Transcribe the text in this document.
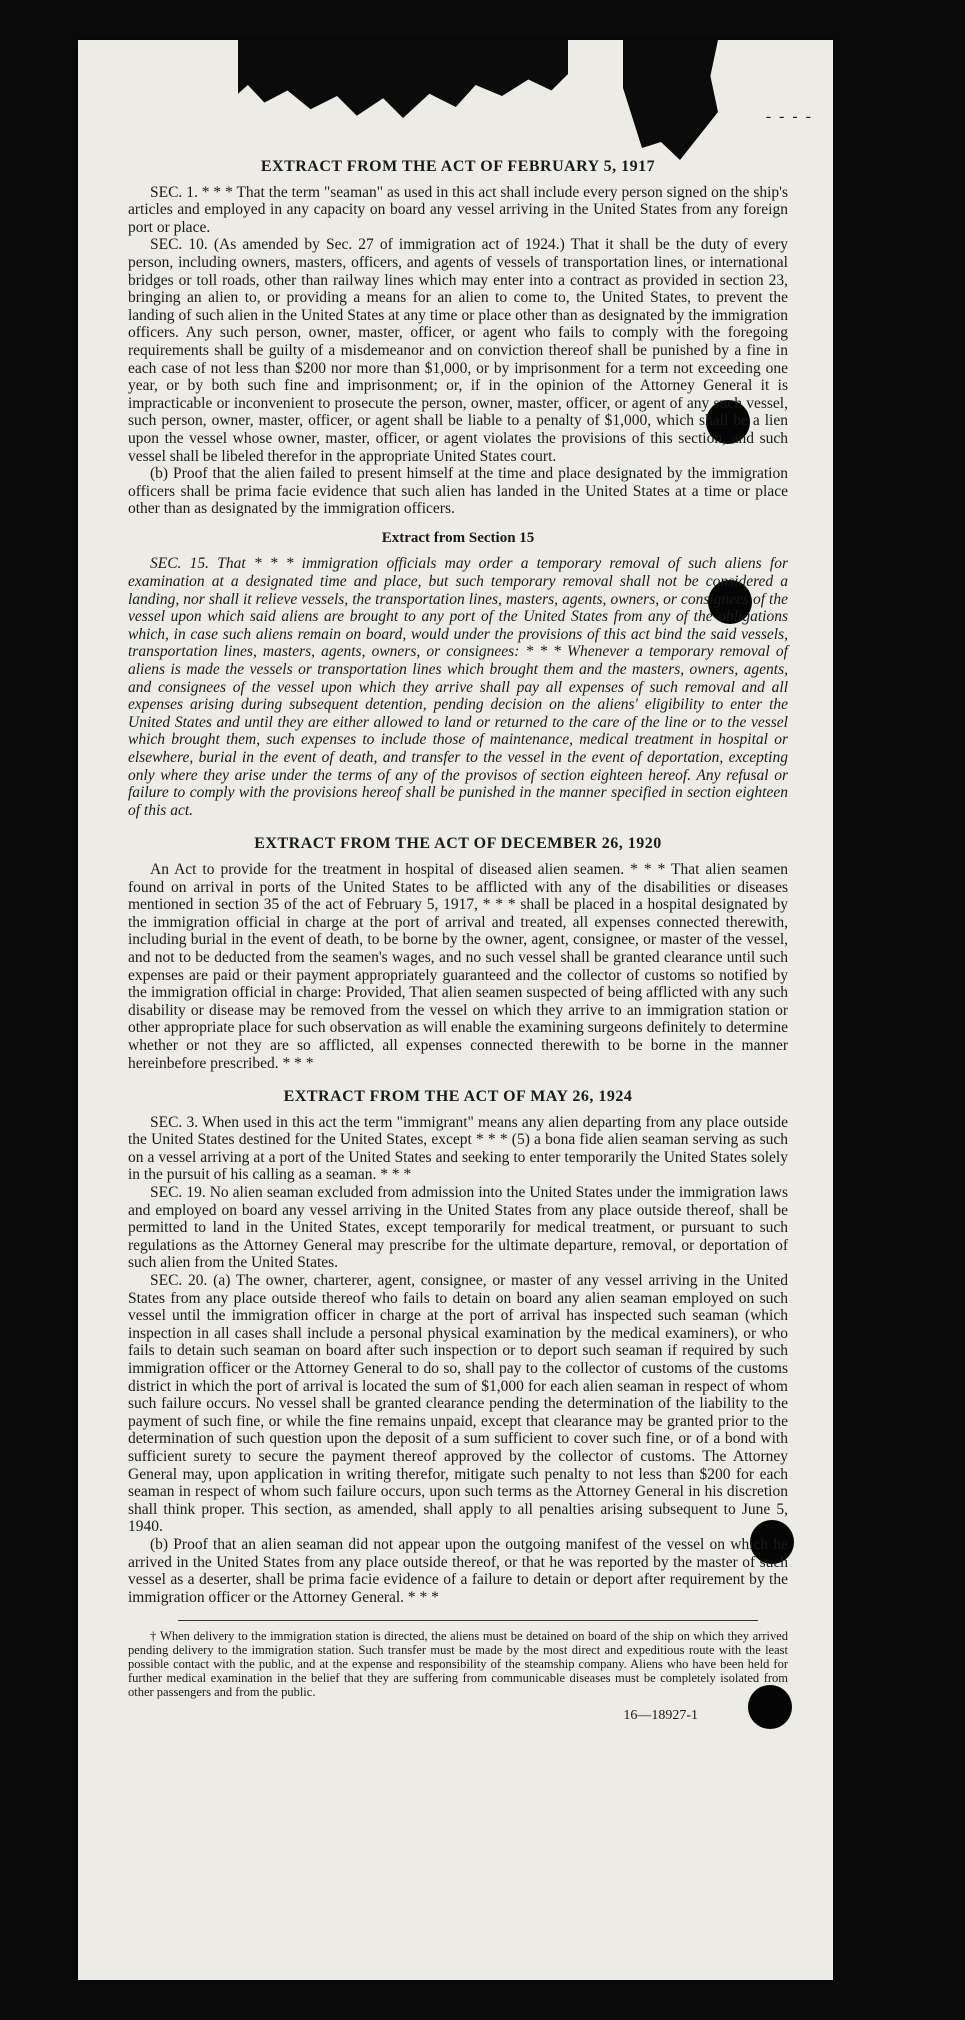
- - - -
EXTRACT FROM THE ACT OF FEBRUARY 5, 1917

SEC. 1. * * * That the term "seaman" as used in this act shall include every person signed on the ship's articles and employed in any capacity on board any vessel arriving in the United States from any foreign port or place.

SEC. 10. (As amended by Sec. 27 of immigration act of 1924.) That it shall be the duty of every person, including owners, masters, officers, and agents of vessels of transportation lines, or international bridges or toll roads, other than railway lines which may enter into a contract as provided in section 23, bringing an alien to, or providing a means for an alien to come to, the United States, to prevent the landing of such alien in the United States at any time or place other than as designated by the immigration officers. Any such person, owner, master, officer, or agent who fails to comply with the foregoing requirements shall be guilty of a misdemeanor and on conviction thereof shall be punished by a fine in each case of not less than $200 nor more than $1,000, or by imprisonment for a term not exceeding one year, or by both such fine and imprisonment; or, if in the opinion of the Attorney General it is impracticable or inconvenient to prosecute the person, owner, master, officer, or agent of any such vessel, such person, owner, master, officer, or agent shall be liable to a penalty of $1,000, which shall be a lien upon the vessel whose owner, master, officer, or agent violates the provisions of this section, and such vessel shall be libeled therefor in the appropriate United States court.

(b) Proof that the alien failed to present himself at the time and place designated by the immigration officers shall be prima facie evidence that such alien has landed in the United States at a time or place other than as designated by the immigration officers.

Extract from Section 15

SEC. 15. That * * * immigration officials may order a temporary removal of such aliens for examination at a designated time and place, but such temporary removal shall not be considered a landing, nor shall it relieve vessels, the transportation lines, masters, agents, owners, or consignees of the vessel upon which said aliens are brought to any port of the United States from any of the obligations which, in case such aliens remain on board, would under the provisions of this act bind the said vessels, transportation lines, masters, agents, owners, or consignees: * * * Whenever a temporary removal of aliens is made the vessels or transportation lines which brought them and the masters, owners, agents, and consignees of the vessel upon which they arrive shall pay all expenses of such removal and all expenses arising during subsequent detention, pending decision on the aliens' eligibility to enter the United States and until they are either allowed to land or returned to the care of the line or to the vessel which brought them, such expenses to include those of maintenance, medical treatment in hospital or elsewhere, burial in the event of death, and transfer to the vessel in the event of deportation, excepting only where they arise under the terms of any of the provisos of section eighteen hereof. Any refusal or failure to comply with the provisions hereof shall be punished in the manner specified in section eighteen of this act.

EXTRACT FROM THE ACT OF DECEMBER 26, 1920

An Act to provide for the treatment in hospital of diseased alien seamen. * * * That alien seamen found on arrival in ports of the United States to be afflicted with any of the disabilities or diseases mentioned in section 35 of the act of February 5, 1917, * * * shall be placed in a hospital designated by the immigration official in charge at the port of arrival and treated, all expenses connected therewith, including burial in the event of death, to be borne by the owner, agent, consignee, or master of the vessel, and not to be deducted from the seamen's wages, and no such vessel shall be granted clearance until such expenses are paid or their payment appropriately guaranteed and the collector of customs so notified by the immigration official in charge: Provided, That alien seamen suspected of being afflicted with any such disability or disease may be removed from the vessel on which they arrive to an immigration station or other appropriate place for such observation as will enable the examining surgeons definitely to determine whether or not they are so afflicted, all expenses connected therewith to be borne in the manner hereinbefore prescribed. * * *

EXTRACT FROM THE ACT OF MAY 26, 1924

SEC. 3. When used in this act the term "immigrant" means any alien departing from any place outside the United States destined for the United States, except * * * (5) a bona fide alien seaman serving as such on a vessel arriving at a port of the United States and seeking to enter temporarily the United States solely in the pursuit of his calling as a seaman. * * *

SEC. 19. No alien seaman excluded from admission into the United States under the immigration laws and employed on board any vessel arriving in the United States from any place outside thereof, shall be permitted to land in the United States, except temporarily for medical treatment, or pursuant to such regulations as the Attorney General may prescribe for the ultimate departure, removal, or deportation of such alien from the United States.

SEC. 20. (a) The owner, charterer, agent, consignee, or master of any vessel arriving in the United States from any place outside thereof who fails to detain on board any alien seaman employed on such vessel until the immigration officer in charge at the port of arrival has inspected such seaman (which inspection in all cases shall include a personal physical examination by the medical examiners), or who fails to detain such seaman on board after such inspection or to deport such seaman if required by such immigration officer or the Attorney General to do so, shall pay to the collector of customs of the customs district in which the port of arrival is located the sum of $1,000 for each alien seaman in respect of whom such failure occurs. No vessel shall be granted clearance pending the determination of the liability to the payment of such fine, or while the fine remains unpaid, except that clearance may be granted prior to the determination of such question upon the deposit of a sum sufficient to cover such fine, or of a bond with sufficient surety to secure the payment thereof approved by the collector of customs. The Attorney General may, upon application in writing therefor, mitigate such penalty to not less than $200 for each seaman in respect of whom such failure occurs, upon such terms as the Attorney General in his discretion shall think proper. This section, as amended, shall apply to all penalties arising subsequent to June 5, 1940.

(b) Proof that an alien seaman did not appear upon the outgoing manifest of the vessel on which he arrived in the United States from any place outside thereof, or that he was reported by the master of such vessel as a deserter, shall be prima facie evidence of a failure to detain or deport after requirement by the immigration officer or the Attorney General. * * *

† When delivery to the immigration station is directed, the aliens must be detained on board of the ship on which they arrived pending delivery to the immigration station. Such transfer must be made by the most direct and expeditious route with the least possible contact with the public, and at the expense and responsibility of the steamship company. Aliens who have been held for further medical examination in the belief that they are suffering from communicable diseases must be completely isolated from other passengers and from the public.

16—18927-1
